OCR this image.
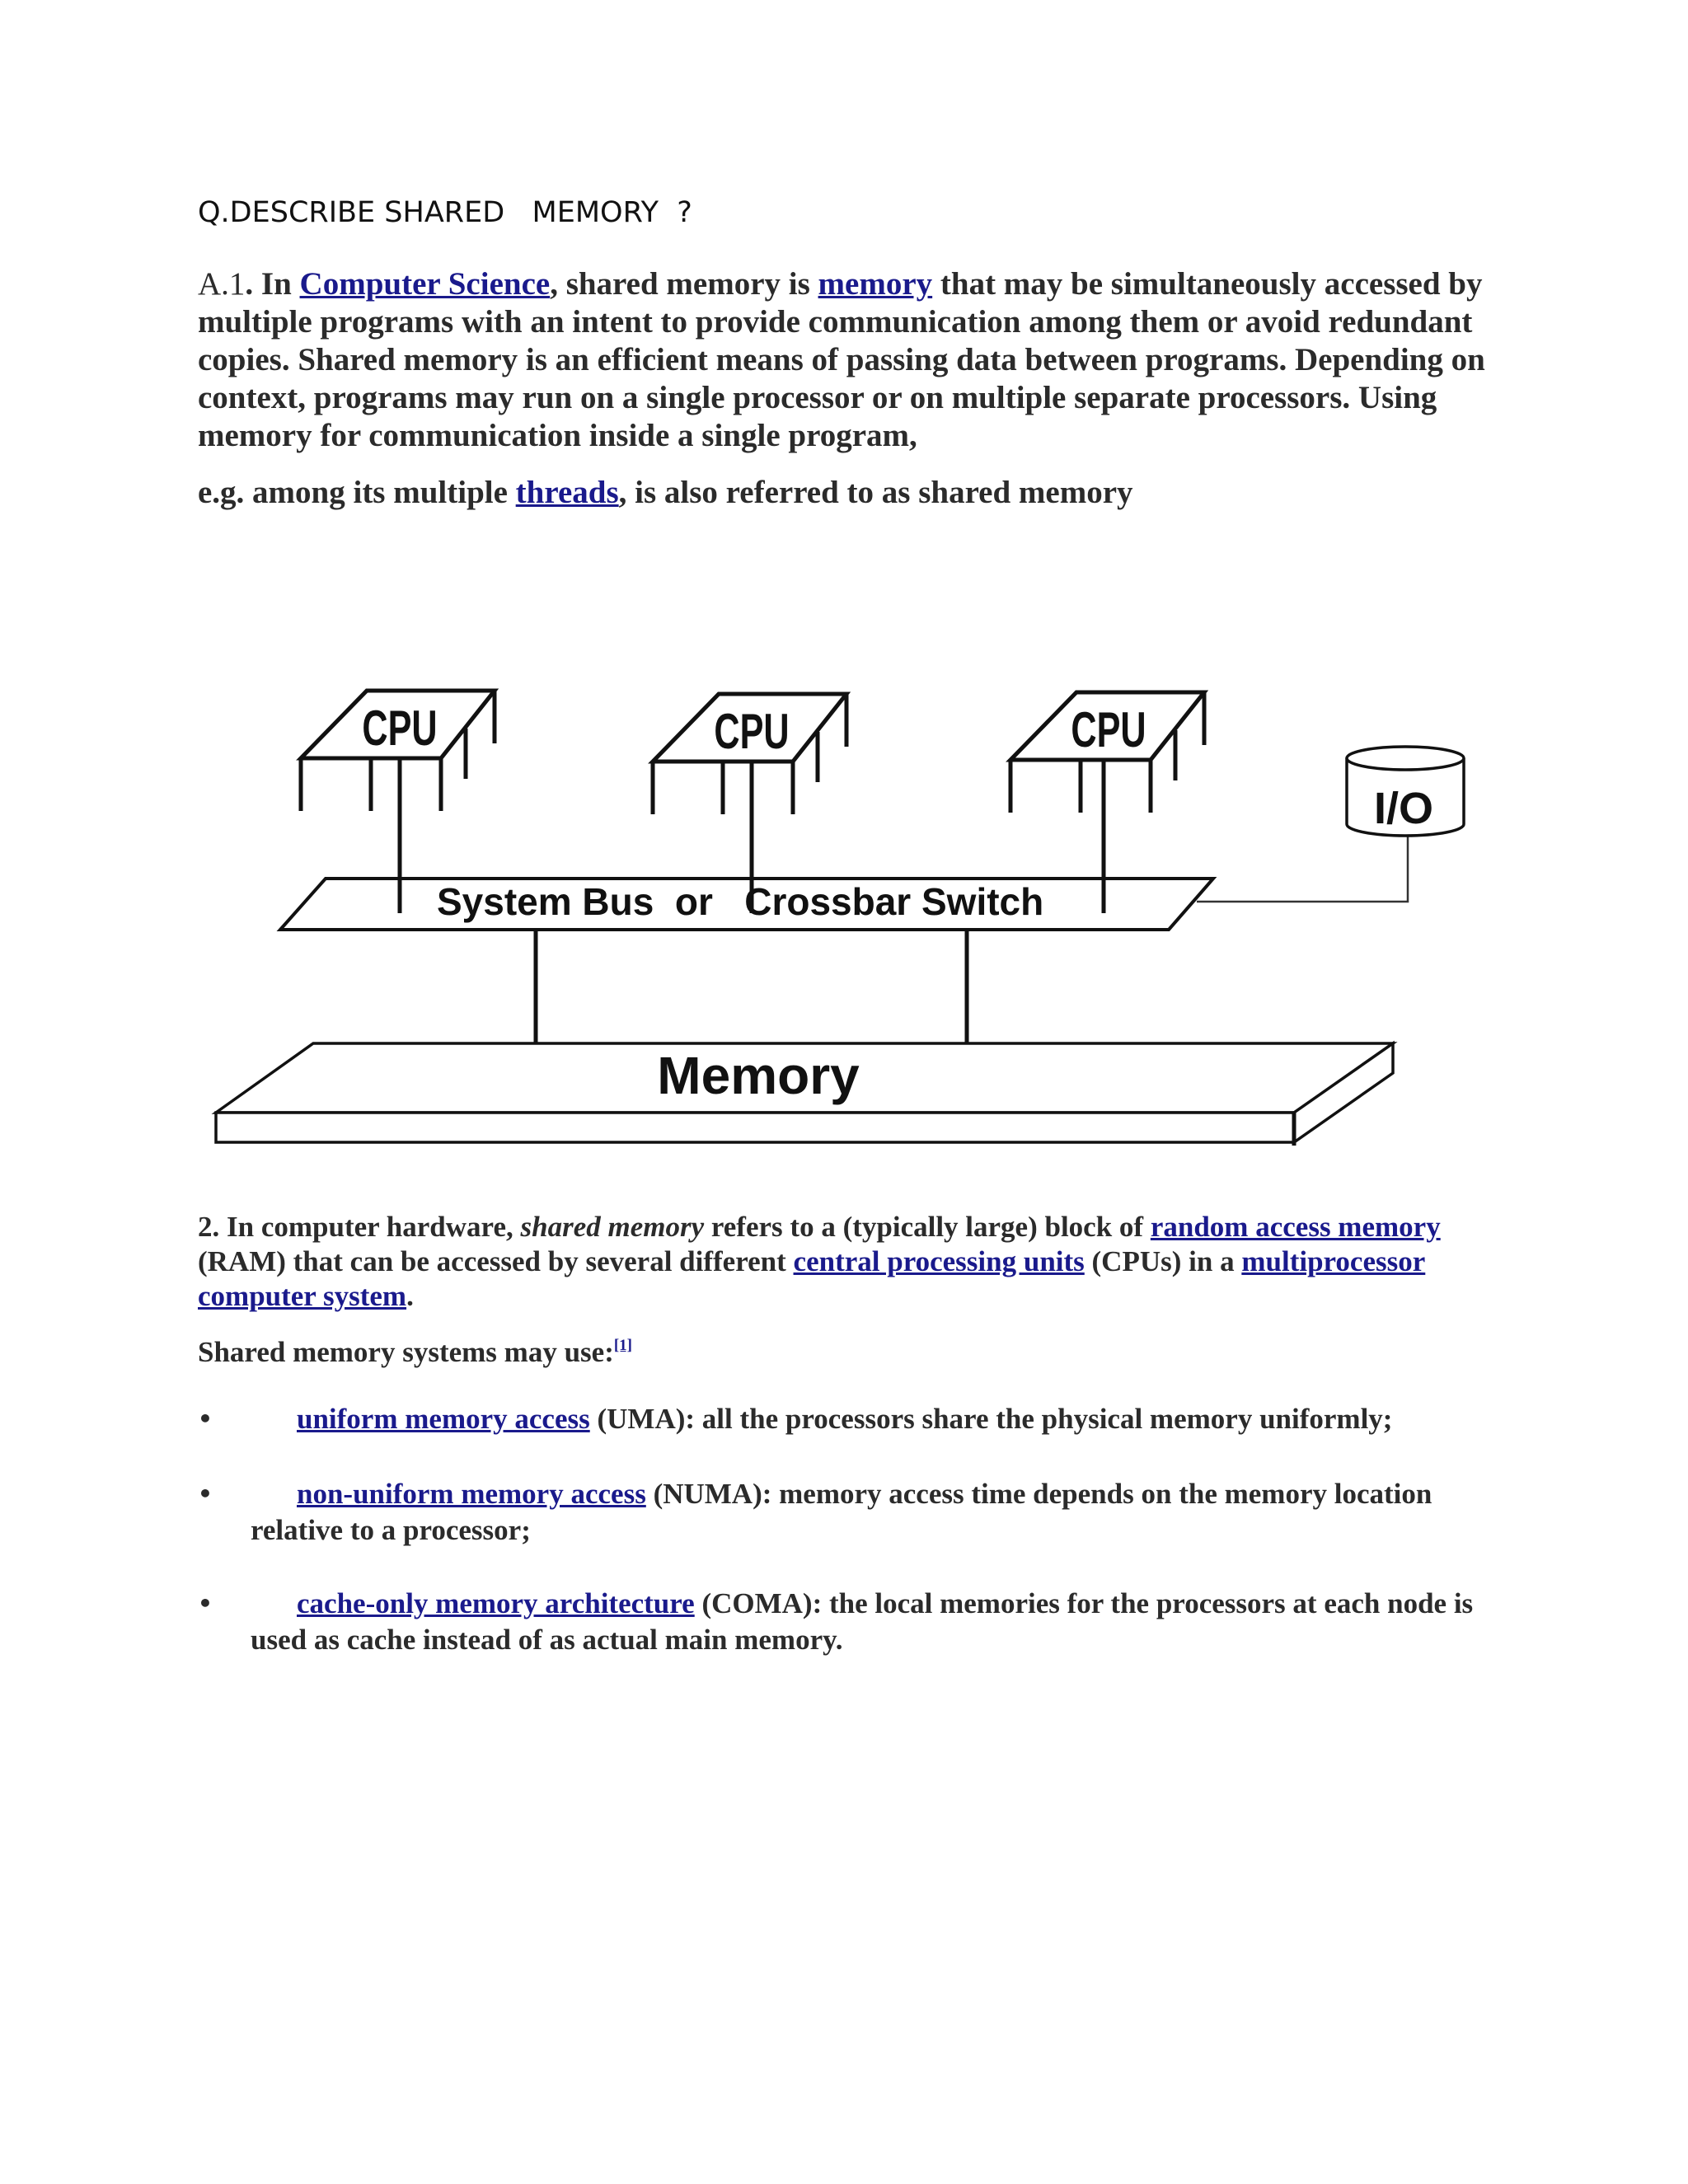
Q.DESCRIBE SHARED   MEMORY  ?

A.1. In Computer Science, shared memory is memory that may be simultaneously accessed by multiple programs with an intent to provide communication among them or avoid redundant copies. Shared memory is an efficient means of passing data between programs. Depending on context, programs may run on a single processor or on multiple separate processors. Using memory for communication inside a single program,

e.g. among its multiple threads, is also referred to as shared memory

CPU	CPU	CPU
I/O
System Bus  or   Crossbar Switch
Memory

2. In computer hardware, shared memory refers to a (typically large) block of random access memory (RAM) that can be accessed by several different central processing units (CPUs) in a multiprocessor computer system.

Shared memory systems may use:[1]

•	uniform memory access (UMA): all the processors share the physical memory uniformly;
•	non-uniform memory access (NUMA): memory access time depends on the memory location relative to a processor;
•	cache-only memory architecture (COMA): the local memories for the processors at each node is used as cache instead of as actual main memory.
